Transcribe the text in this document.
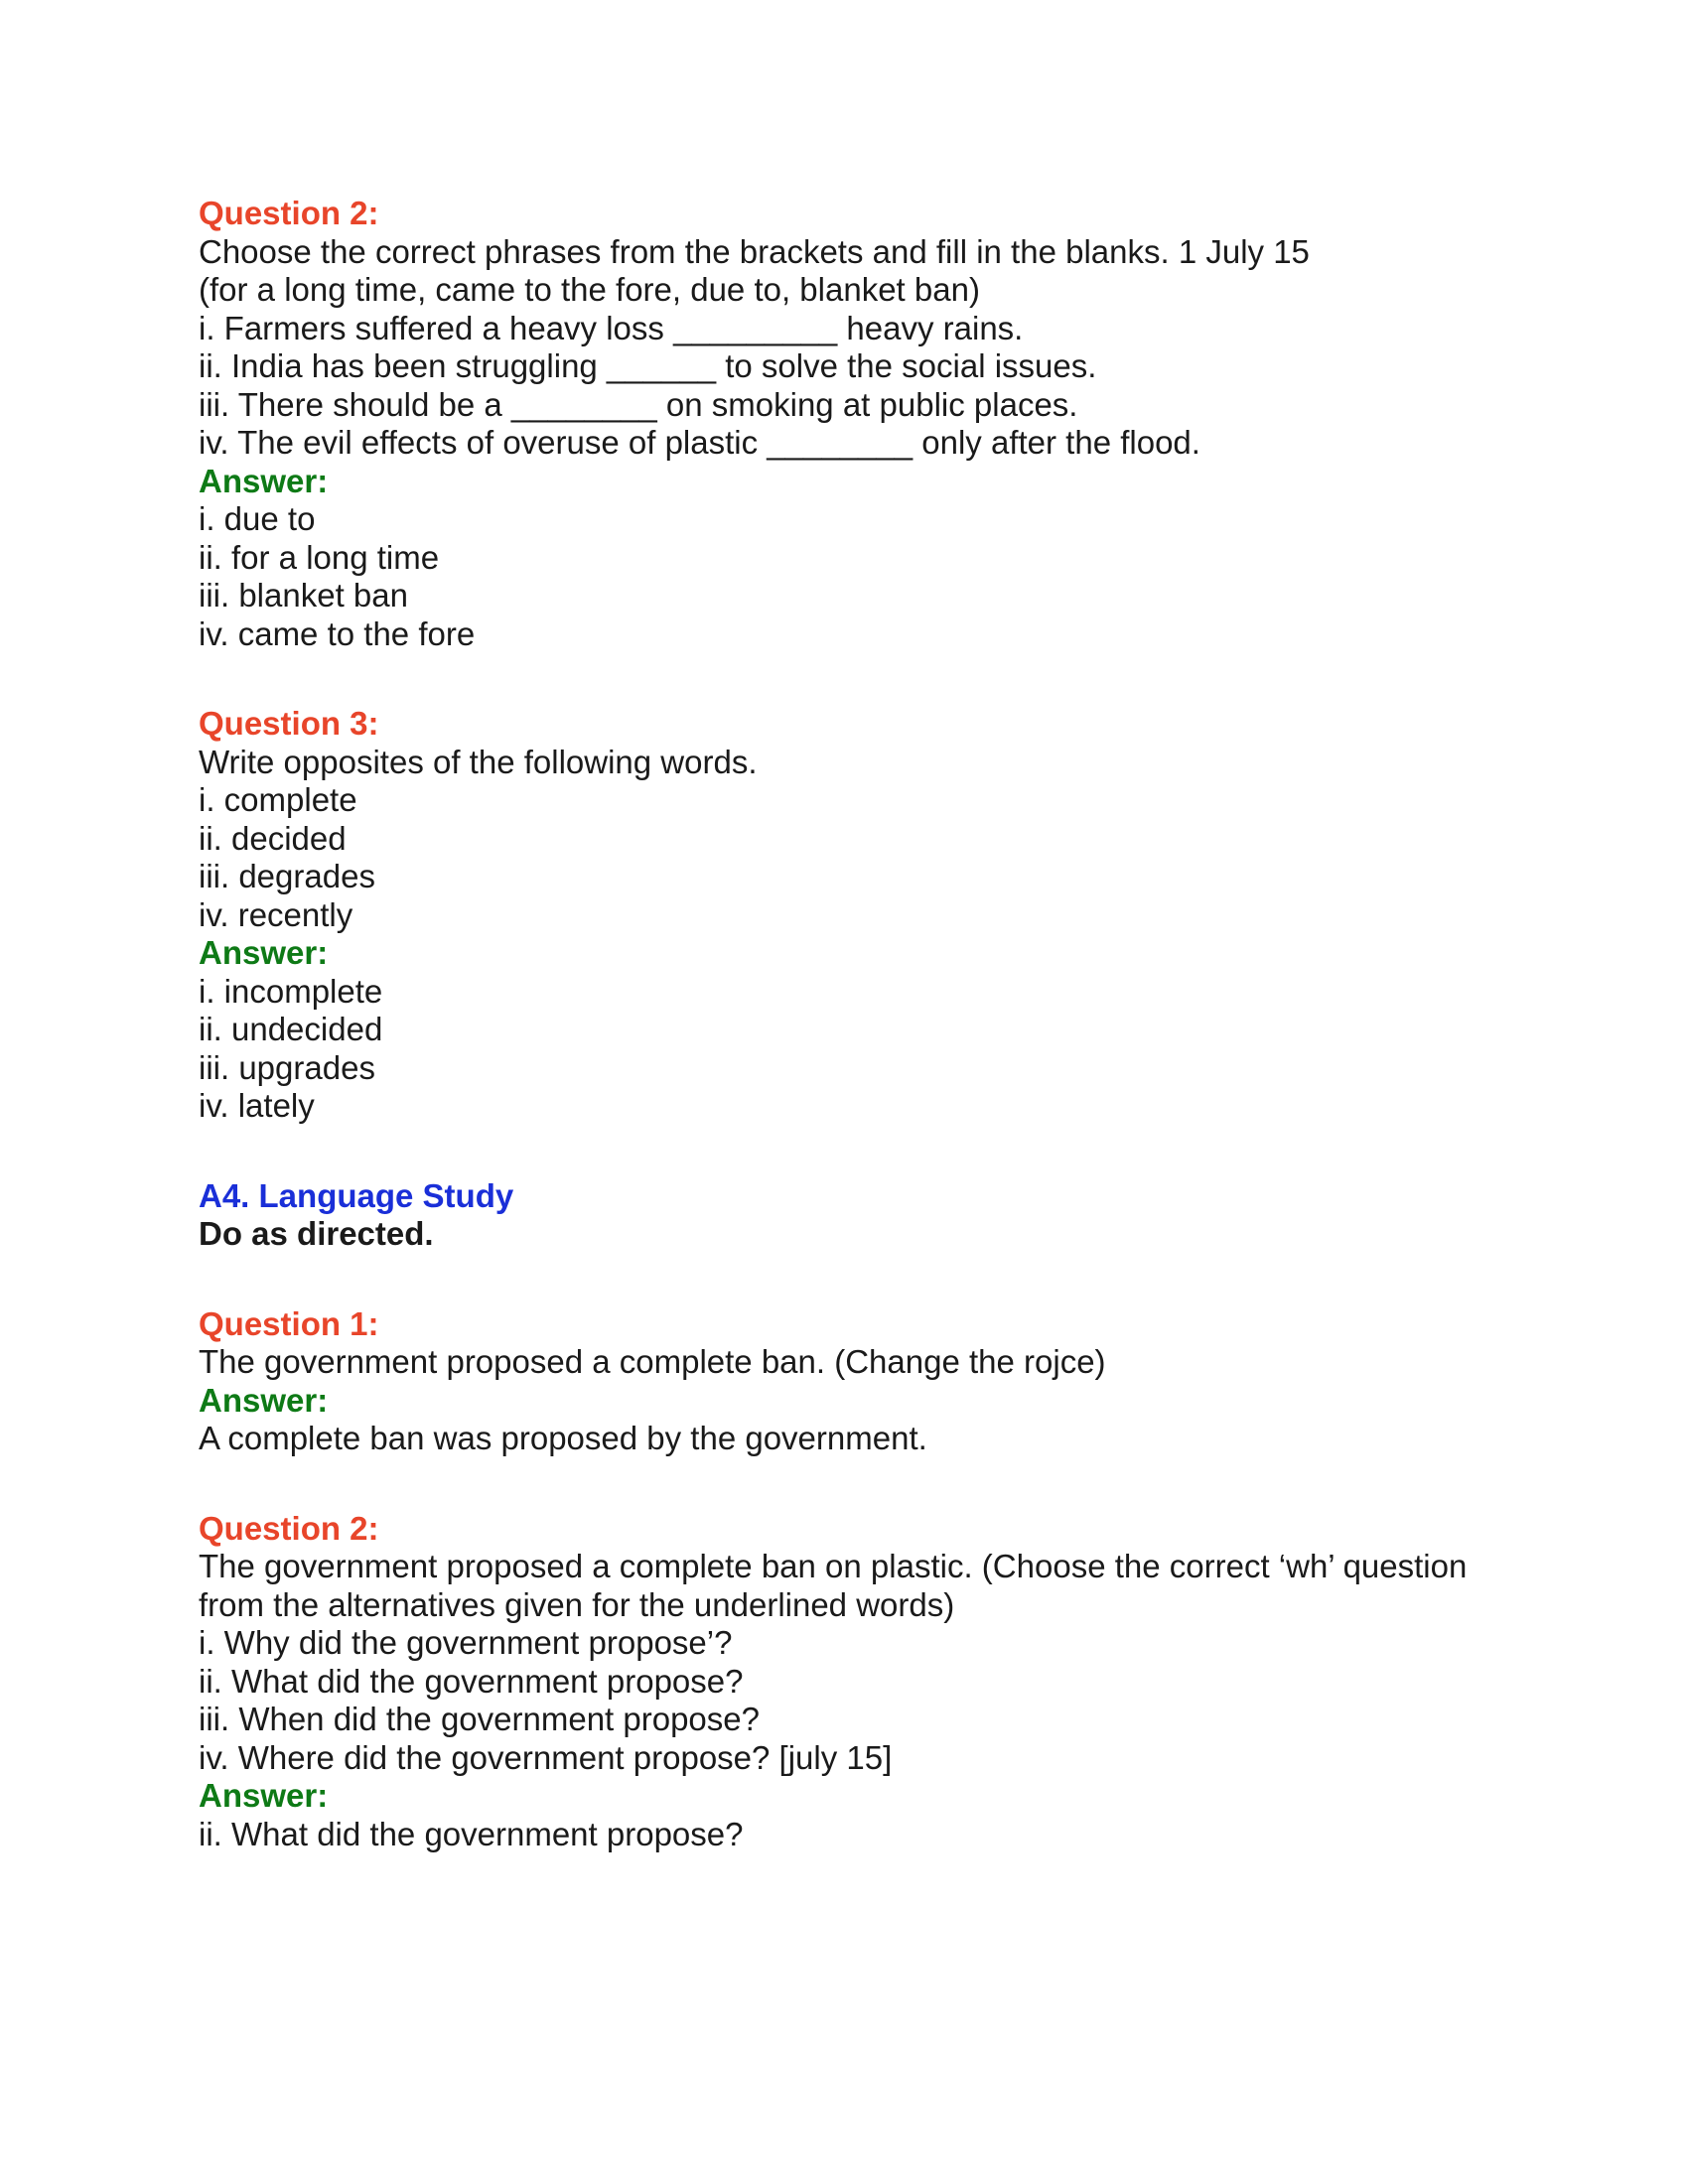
Question 2:

Choose the correct phrases from the brackets and fill in the blanks. 1 July 15

(for a long time, came to the fore, due to, blanket ban)

i. Farmers suffered a heavy loss _________ heavy rains.

ii. India has been struggling ______ to solve the social issues.

iii. There should be a ________ on smoking at public places.

iv. The evil effects of overuse of plastic ________ only after the flood.

Answer:

i. due to

ii. for a long time

iii. blanket ban

iv. came to the fore

Question 3:

Write opposites of the following words.

i. complete

ii. decided

iii. degrades

iv. recently

Answer:

i. incomplete

ii. undecided

iii. upgrades

iv. lately

A4. Language Study

Do as directed.

Question 1:

The government proposed a complete ban. (Change the rojce)

Answer:

A complete ban was proposed by the government.

Question 2:

The government proposed a complete ban on plastic. (Choose the correct ‘wh’ question

from the alternatives given for the underlined words)

i. Why did the government propose’?

ii. What did the government propose?

iii. When did the government propose?

iv. Where did the government propose? [july 15]

Answer:

ii. What did the government propose?
